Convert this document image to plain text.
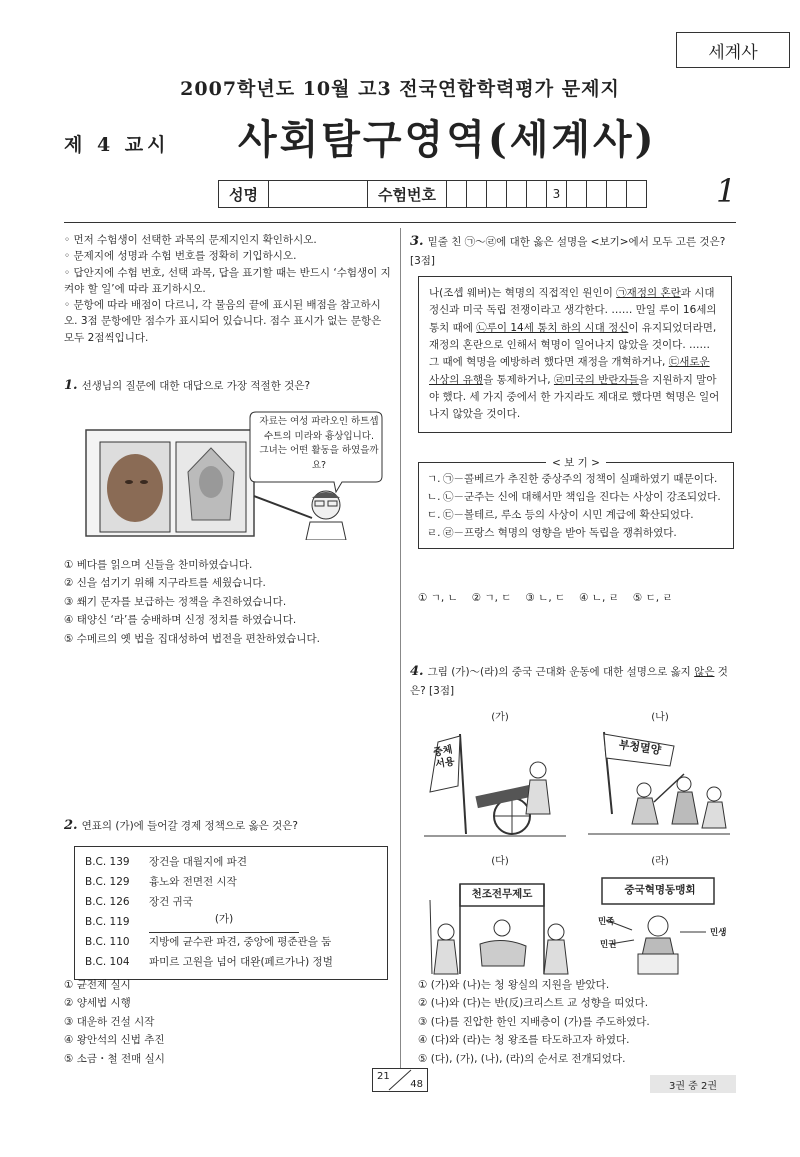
세계사
2007학년도 10월 고3 전국연합학력평가 문제지
제 4 교시 사회탐구영역(세계사)
성명	수험번호	3	1
◦ 먼저 수험생이 선택한 과목의 문제지인지 확인하시오.
◦ 문제지에 성명과 수험 번호를 정확히 기입하시오.
◦ 답안지에 수험 번호, 선택 과목, 답을 표기할 때는 반드시 ‘수험생이 지켜야 할 일’에 따라 표기하시오.
◦ 문항에 따라 배점이 다르니, 각 물음의 끝에 표시된 배점을 참고하시오. 3점 문항에만 점수가 표시되어 있습니다. 점수 표시가 없는 문항은 모두 2점씩입니다.
1. 선생님의 질문에 대한 대답으로 가장 적절한 것은?
자료는 여성 파라오인 하트셉수트의 미라와 흉상입니다. 그녀는 어떤 활동을 하였을까요?
① 베다를 읽으며 신들을 찬미하였습니다.
② 신을 섬기기 위해 지구라트를 세웠습니다.
③ 쐐기 문자를 보급하는 정책을 추진하였습니다.
④ 태양신 ‘라’를 숭배하며 신정 정치를 하였습니다.
⑤ 수메르의 옛 법을 집대성하여 법전을 편찬하였습니다.
2. 연표의 (가)에 들어갈 경제 정책으로 옳은 것은?
B.C. 139	장건을 대월지에 파견
B.C. 129	흉노와 전면전 시작
B.C. 126	장건 귀국
B.C. 119	(가)
B.C. 110	지방에 균수관 파견, 중앙에 평준관을 둠
B.C. 104	파미르 고원을 넘어 대완(페르가나) 정벌
① 균전제 실시
② 양세법 시행
③ 대운하 건설 시작
④ 왕안석의 신법 추진
⑤ 소금・철 전매 실시
3. 밑줄 친 ㉠～㉣에 대한 옳은 설명을 <보기>에서 모두 고른 것은? [3점]
나(조셉 웨버)는 혁명의 직접적인 원인이 ㉠재정의 혼란과 시대 정신과 미국 독립 전쟁이라고 생각한다. …… 만일 루이 16세의 통치 때에 ㉡루이 14세 통치 하의 시대 정신이 유지되었더라면, 재정의 혼란으로 인해서 혁명이 일어나지 않았을 것이다. …… 그 때에 혁명을 예방하려 했다면 재정을 개혁하거나, ㉢새로운 사상의 유행을 통제하거나, ㉣미국의 반란자들을 지원하지 말아야 했다. 세 가지 중에서 한 가지라도 제대로 했다면 혁명은 일어나지 않았을 것이다.
< 보 기 >
ㄱ. ㉠－콜베르가 추진한 중상주의 정책이 실패하였기 때문이다.
ㄴ. ㉡－군주는 신에 대해서만 책임을 진다는 사상이 강조되었다.
ㄷ. ㉢－볼테르, 루소 등의 사상이 시민 계급에 확산되었다.
ㄹ. ㉣－프랑스 혁명의 영향을 받아 독립을 쟁취하였다.
① ㄱ, ㄴ ② ㄱ, ㄷ ③ ㄴ, ㄷ ④ ㄴ, ㄹ ⑤ ㄷ, ㄹ
4. 그림 (가)～(라)의 중국 근대화 운동에 대한 설명으로 옳지 않은 것은? [3점]
(가)	(나)
(다)	(라)
중체서용
부청멸양
천조전무제도	중국혁명동맹회
민족
민생
민권
① (가)와 (나)는 청 왕실의 지원을 받았다.
② (나)와 (다)는 반(反)크리스트 교 성향을 띠었다.
③ (다)를 진압한 한인 지배층이 (가)를 주도하였다.
④ (다)와 (라)는 청 왕조를 타도하고자 하였다.
⑤ (다), (가), (나), (라)의 순서로 전개되었다.
21
48	3권 중 2권
